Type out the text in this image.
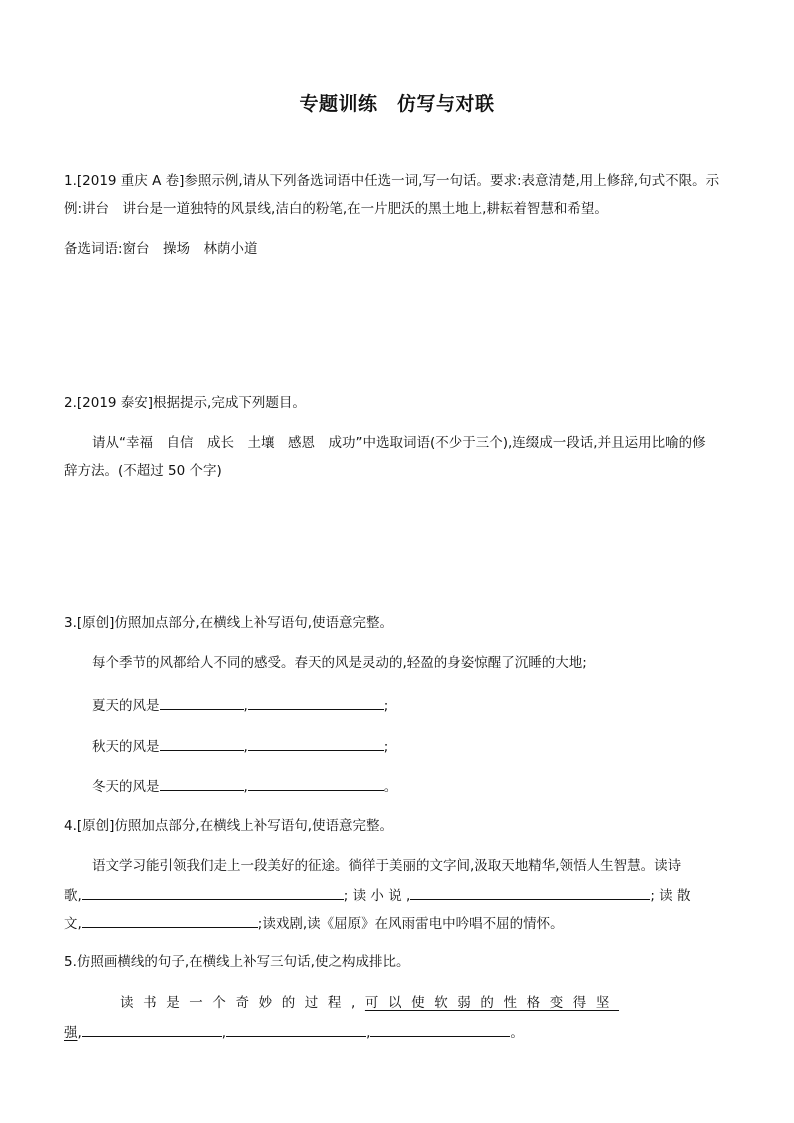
专题训练　仿写与对联
1.[2019 重庆 A 卷]参照示例,请从下列备选词语中任选一词,写一句话。要求:表意清楚,用上修辞,句式不限。示
例:讲台　讲台是一道独特的风景线,洁白的粉笔,在一片肥沃的黑土地上,耕耘着智慧和希望。
备选词语:窗台　操场　林荫小道
2.[2019 泰安]根据提示,完成下列题目。
请从“幸福　自信　成长　土壤　感恩　成功”中选取词语(不少于三个),连缀成一段话,并且运用比喻的修
辞方法。(不超过 50 个字)
3.[原创]仿照加点部分,在横线上补写语句,使语意完整。
每个季节的风都给人不同的感受。春天的风是灵动的,轻盈的身姿惊醒了沉睡的大地;
夏天的风是	,	;
秋天的风是	,	;
冬天的风是	,	。
4.[原创]仿照加点部分,在横线上补写语句,使语意完整。
语文学习能引领我们走上一段美好的征途。徜徉于美丽的文字间,汲取天地精华,领悟人生智慧。读诗
歌,	; 读 小 说 ,	; 读 散
文,	;读戏剧,读《屈原》在风雨雷电中吟唱不屈的情怀。
5.仿照画横线的句子,在横线上补写三句话,使之构成排比。
读书是一个奇妙的过程,可以使软弱的性格变得坚
强,	,	,	。
